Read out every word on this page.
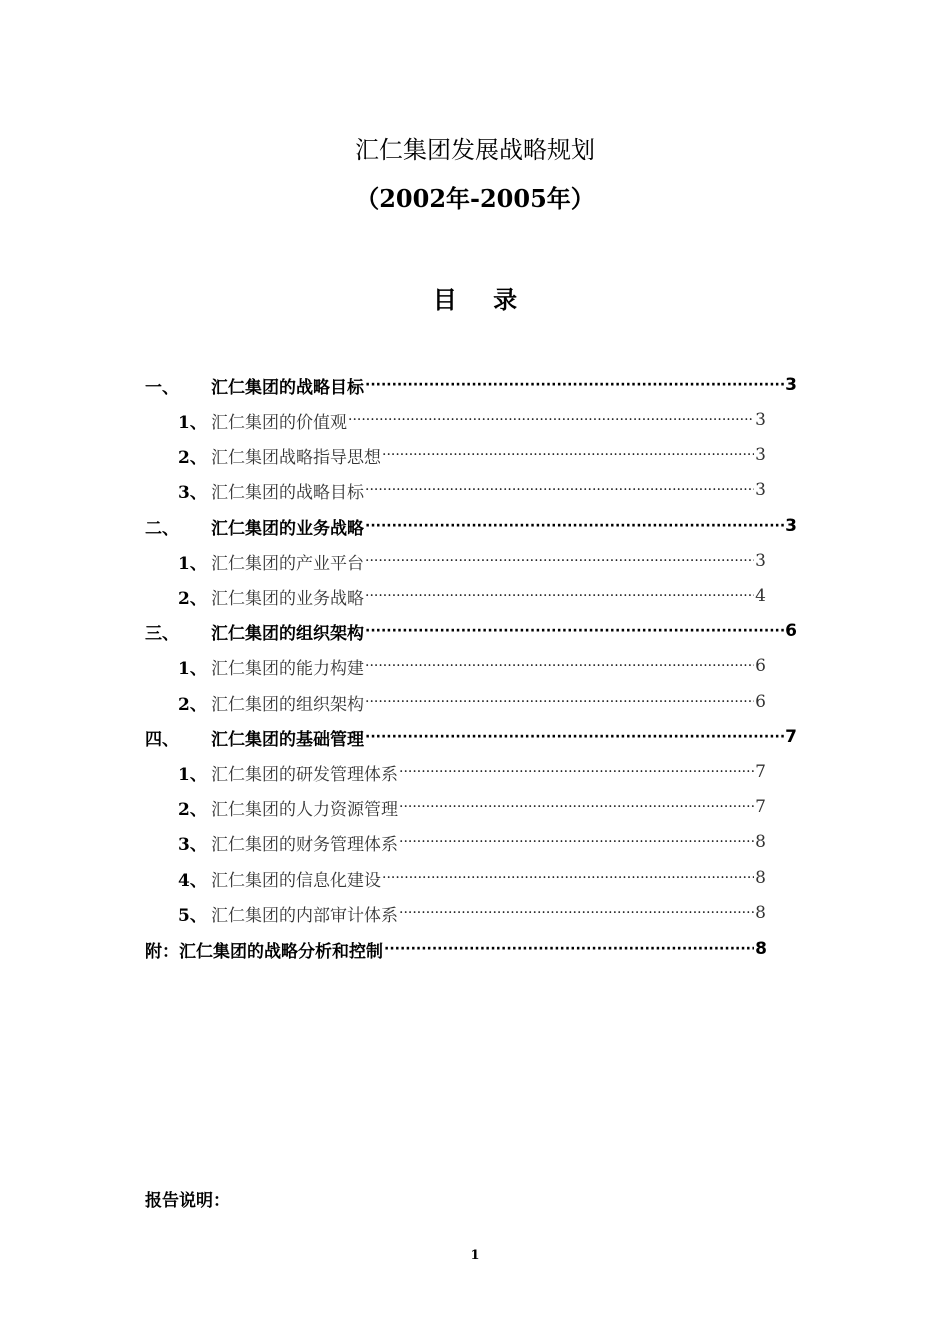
汇仁集团发展战略规划
（2002年-2005年）
目 录
一、	汇仁集团的战略目标 ·····	3
1、 汇仁集团的价值观 ·····	3
2、 汇仁集团战略指导思想 ·····	3
3、 汇仁集团的战略目标 ·····	3
二、	汇仁集团的业务战略 ·····	3
1、 汇仁集团的产业平台 ·····	3
2、 汇仁集团的业务战略 ·····	4
三、	汇仁集团的组织架构 ·····	6
1、 汇仁集团的能力构建 ·····	6
2、 汇仁集团的组织架构 ·····	6
四、	汇仁集团的基础管理 ·····	7
1、 汇仁集团的研发管理体系 ·····	7
2、 汇仁集团的人力资源管理 ·····	7
3、 汇仁集团的财务管理体系 ·····	8
4、 汇仁集团的信息化建设 ·····	8
5、 汇仁集团的内部审计体系 ·····	8
附：汇仁集团的战略分析和控制 ·····	8
报告说明：
1
